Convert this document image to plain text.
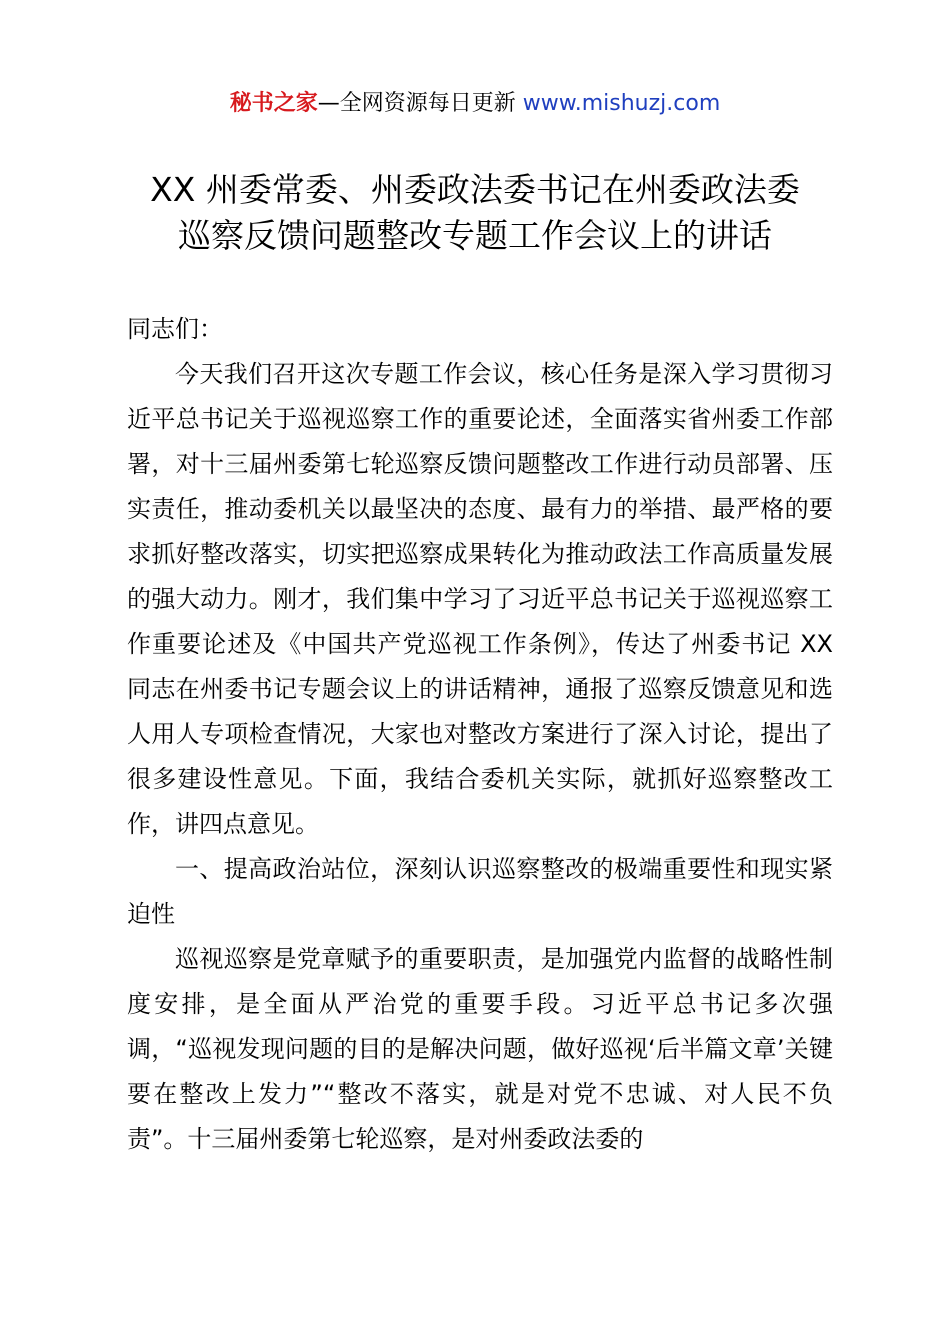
秘书之家—全网资源每日更新 www.mishuzj.com
XX 州委常委、州委政法委书记在州委政法委
巡察反馈问题整改专题工作会议上的讲话

同志们：

今天我们召开这次专题工作会议，核心任务是深入学习贯彻习近平总书记关于巡视巡察工作的重要论述，全面落实省州委工作部署，对十三届州委第七轮巡察反馈问题整改工作进行动员部署、压实责任，推动委机关以最坚决的态度、最有力的举措、最严格的要求抓好整改落实，切实把巡察成果转化为推动政法工作高质量发展的强大动力。刚才，我们集中学习了习近平总书记关于巡视巡察工作重要论述及《中国共产党巡视工作条例》，传达了州委书记 XX 同志在州委书记专题会议上的讲话精神，通报了巡察反馈意见和选人用人专项检查情况，大家也对整改方案进行了深入讨论，提出了很多建设性意见。下面，我结合委机关实际，就抓好巡察整改工作，讲四点意见。

一、提高政治站位，深刻认识巡察整改的极端重要性和现实紧迫性

巡视巡察是党章赋予的重要职责，是加强党内监督的战略性制度安排，是全面从严治党的重要手段。习近平总书记多次强调，“巡视发现问题的目的是解决问题，做好巡视‘后半篇文章’关键要在整改上发力”“整改不落实，就是对党不忠诚、对人民不负责”。十三届州委第七轮巡察，是对州委政法委的
